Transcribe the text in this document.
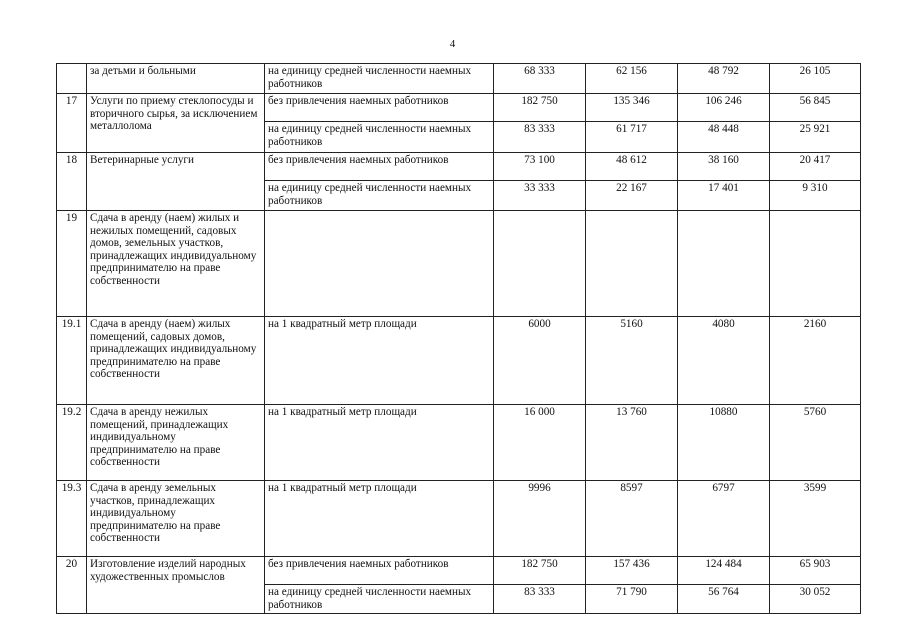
4
	за детьми и больными	на единицу средней численности наемных работников	68 333	62 156	48 792	26 105
17	Услуги по приему стеклопосуды и вторичного сырья, за исключением металлолома	без привлечения наемных работников	182 750	135 346	106 246	56 845
		на единицу средней численности наемных работников	83 333	61 717	48 448	25 921
18	Ветеринарные услуги	без привлечения наемных работников	73 100	48 612	38 160	20 417
		на единицу средней численности наемных работников	33 333	22 167	17 401	9 310
19	Сдача в аренду (наем) жилых и нежилых помещений, садовых домов, земельных участков, принадлежащих индивидуальному предпринимателю на праве собственности					
19.1	Сдача в аренду (наем) жилых помещений, садовых домов, принадлежащих индивидуальному предпринимателю на праве собственности	на 1 квадратный метр площади	6000	5160	4080	2160
19.2	Сдача в аренду нежилых помещений, принадлежащих индивидуальному предпринимателю на праве собственности	на 1 квадратный метр площади	16 000	13 760	10880	5760
19.3	Сдача в аренду земельных участков, принадлежащих индивидуальному предпринимателю на праве собственности	на 1 квадратный метр площади	9996	8597	6797	3599
20	Изготовление изделий народных художественных промыслов	без привлечения наемных работников	182 750	157 436	124 484	65 903
		на единицу средней численности наемных работников	83 333	71 790	56 764	30 052
